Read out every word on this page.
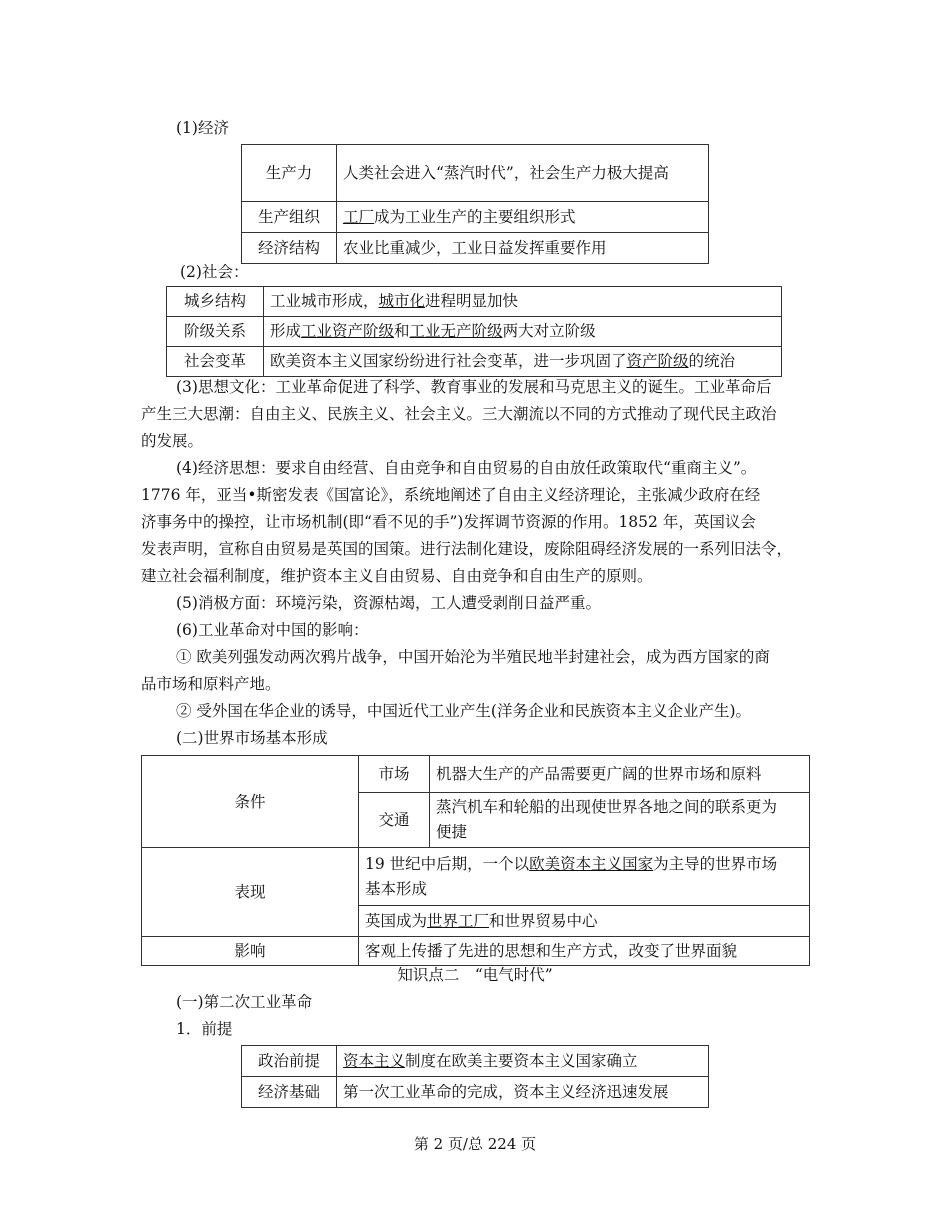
(1)经济
生产力	人类社会进入“蒸汽时代”，社会生产力极大提高
生产组织	工厂成为工业生产的主要组织形式
经济结构	农业比重减少，工业日益发挥重要作用
(2)社会：
城乡结构	工业城市形成，城市化进程明显加快
阶级关系	形成工业资产阶级和工业无产阶级两大对立阶级
社会变革	欧美资本主义国家纷纷进行社会变革，进一步巩固了资产阶级的统治
(3)思想文化：工业革命促进了科学、教育事业的发展和马克思主义的诞生。工业革命后
产生三大思潮：自由主义、民族主义、社会主义。三大潮流以不同的方式推动了现代民主政治
的发展。
(4)经济思想：要求自由经营、自由竞争和自由贸易的自由放任政策取代“重商主义”。
1776 年，亚当•斯密发表《国富论》，系统地阐述了自由主义经济理论，主张减少政府在经
济事务中的操控，让市场机制(即“看不见的手”)发挥调节资源的作用。1852 年，英国议会
发表声明，宣称自由贸易是英国的国策。进行法制化建设，废除阻碍经济发展的一系列旧法令，
建立社会福利制度，维护资本主义自由贸易、自由竞争和自由生产的原则。
(5)消极方面：环境污染，资源枯竭，工人遭受剥削日益严重。
(6)工业革命对中国的影响：
① 欧美列强发动两次鸦片战争，中国开始沦为半殖民地半封建社会，成为西方国家的商
品市场和原料产地。
② 受外国在华企业的诱导，中国近代工业产生(洋务企业和民族资本主义企业产生)。
(二)世界市场基本形成
条件	市场	机器大生产的产品需要更广阔的世界市场和原料
	交通	蒸汽机车和轮船的出现使世界各地之间的联系更为
便捷
表现	19 世纪中后期，一个以欧美资本主义国家为主导的世界市场
基本形成	
	英国成为世界工厂和世界贸易中心	
影响	客观上传播了先进的思想和生产方式，改变了世界面貌	
知识点二　“电气时代”
(一)第二次工业革命
1．前提
政治前提	资本主义制度在欧美主要资本主义国家确立
经济基础	第一次工业革命的完成，资本主义经济迅速发展
第 2 页/总 224 页
